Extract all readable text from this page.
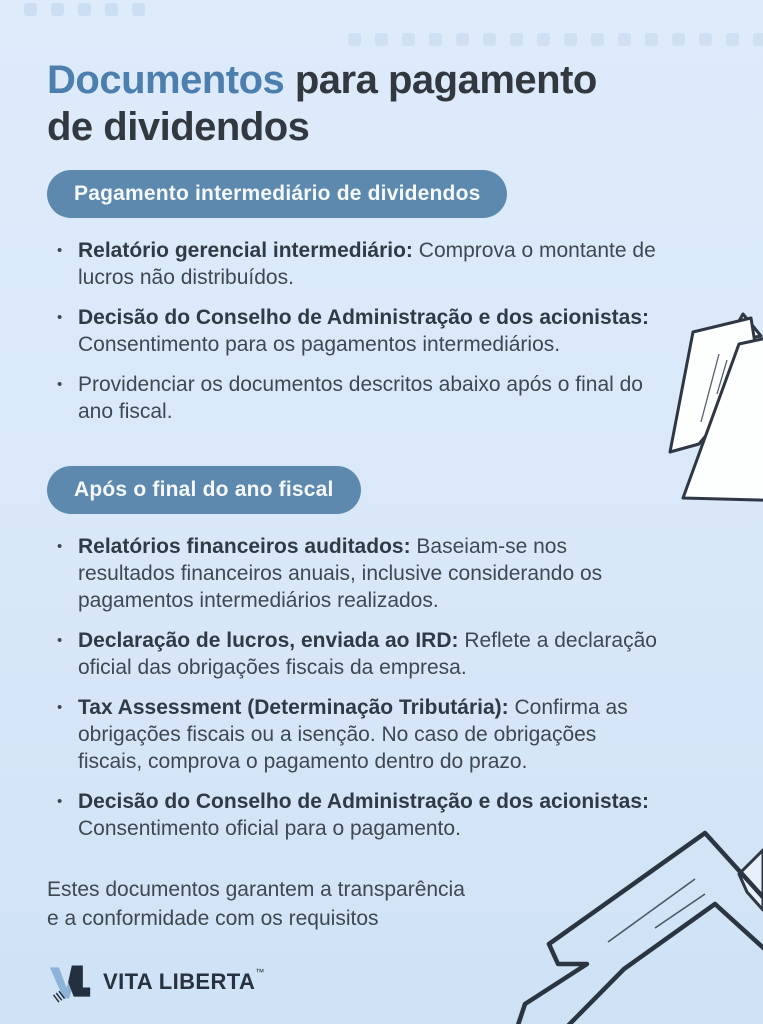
Documentos para pagamento de dividendos
Pagamento intermediário de dividendos
• Relatório gerencial intermediário: Comprova o montante de lucros não distribuídos.
• Decisão do Conselho de Administração e dos acionistas: Consentimento para os pagamentos intermediários.
• Providenciar os documentos descritos abaixo após o final do ano fiscal.
Após o final do ano fiscal
• Relatórios financeiros auditados: Baseiam-se nos resultados financeiros anuais, inclusive considerando os pagamentos intermediários realizados.
• Declaração de lucros, enviada ao IRD: Reflete a declaração oficial das obrigações fiscais da empresa.
• Tax Assessment (Determinação Tributária): Confirma as obrigações fiscais ou a isenção. No caso de obrigações fiscais, comprova o pagamento dentro do prazo.
• Decisão do Conselho de Administração e dos acionistas: Consentimento oficial para o pagamento.

Estes documentos garantem a transparência e a conformidade com os requisitos

VITA LIBERTA™
